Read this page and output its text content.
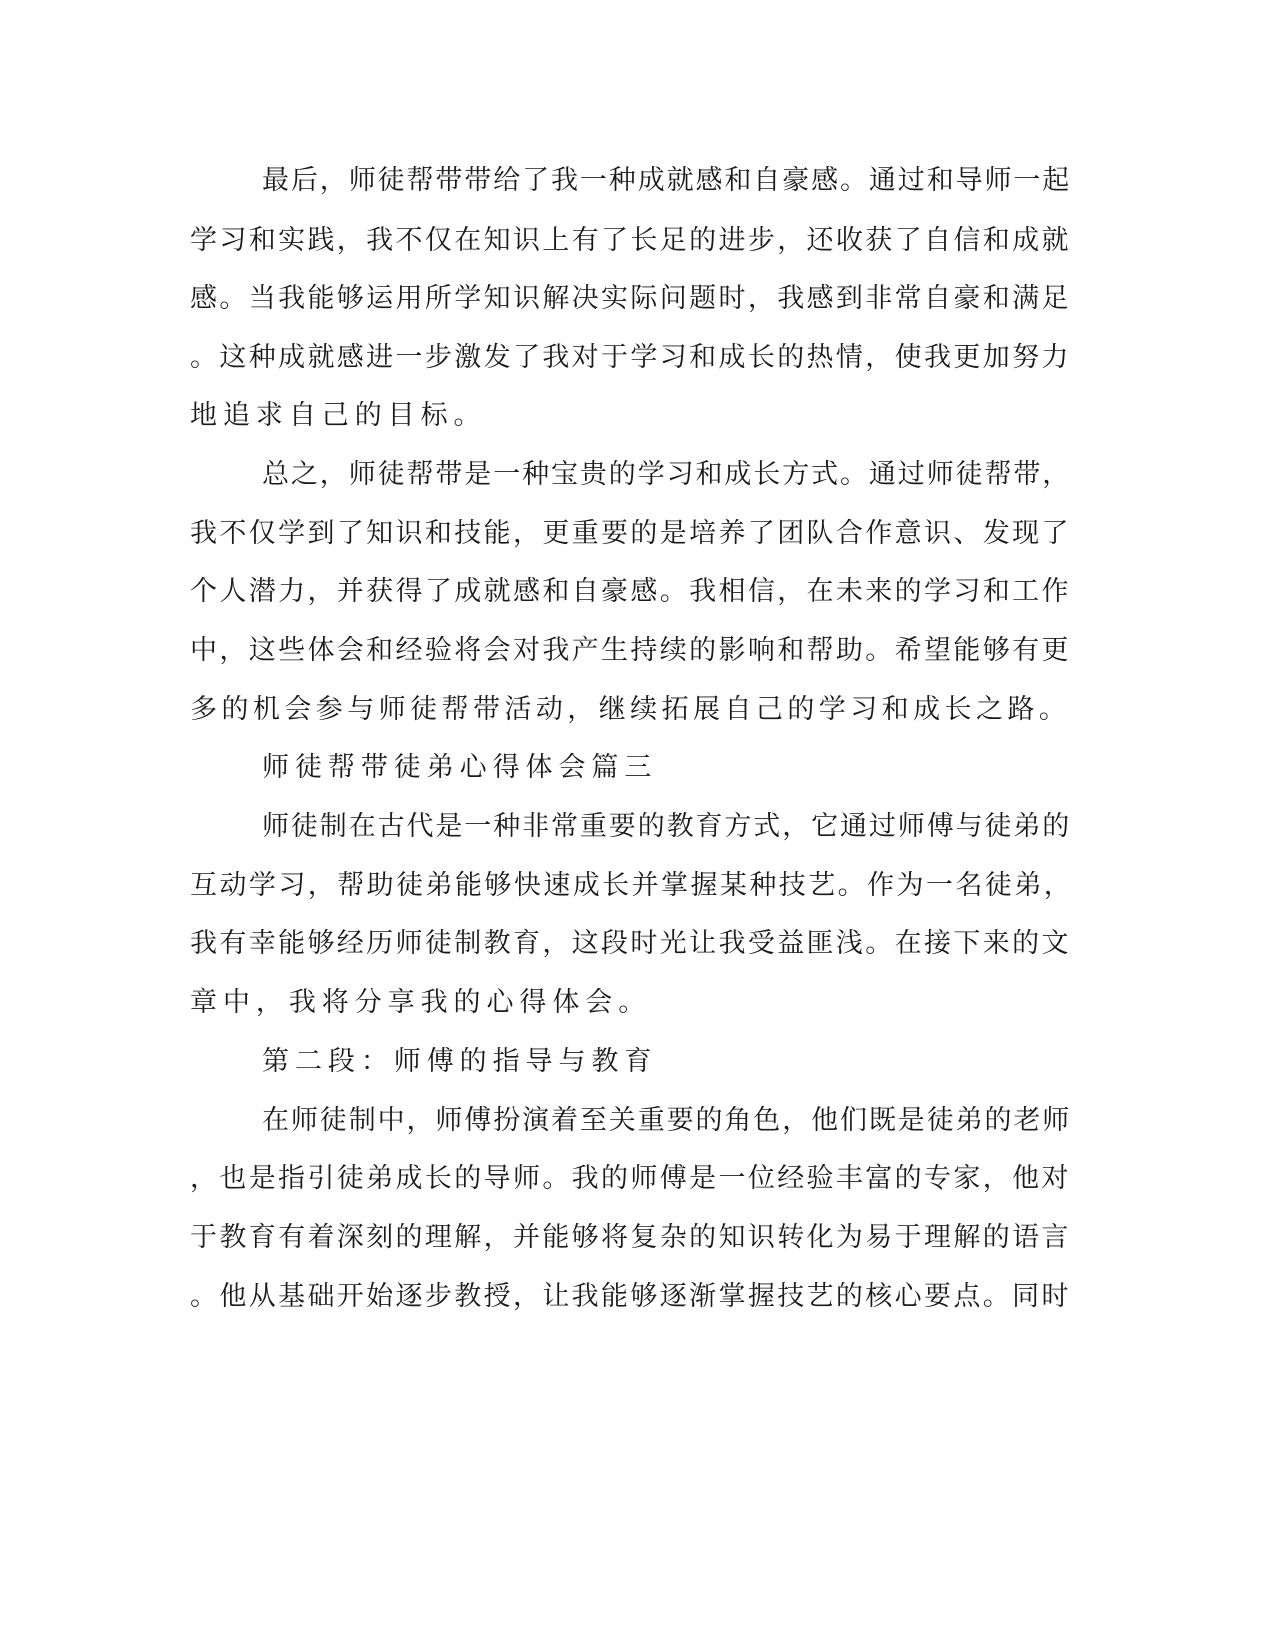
最后，师徒帮带带给了我一种成就感和自豪感。通过和导师一起
学习和实践，我不仅在知识上有了长足的进步，还收获了自信和成就
感。当我能够运用所学知识解决实际问题时，我感到非常自豪和满足
。这种成就感进一步激发了我对于学习和成长的热情，使我更加努力
地追求自己的目标。
总之，师徒帮带是一种宝贵的学习和成长方式。通过师徒帮带，
我不仅学到了知识和技能，更重要的是培养了团队合作意识、发现了
个人潜力，并获得了成就感和自豪感。我相信，在未来的学习和工作
中，这些体会和经验将会对我产生持续的影响和帮助。希望能够有更
多的机会参与师徒帮带活动，继续拓展自己的学习和成长之路。
师徒帮带徒弟心得体会篇三
师徒制在古代是一种非常重要的教育方式，它通过师傅与徒弟的
互动学习，帮助徒弟能够快速成长并掌握某种技艺。作为一名徒弟，
我有幸能够经历师徒制教育，这段时光让我受益匪浅。在接下来的文
章中，我将分享我的心得体会。
第二段：师傅的指导与教育
在师徒制中，师傅扮演着至关重要的角色，他们既是徒弟的老师
，也是指引徒弟成长的导师。我的师傅是一位经验丰富的专家，他对
于教育有着深刻的理解，并能够将复杂的知识转化为易于理解的语言
。他从基础开始逐步教授，让我能够逐渐掌握技艺的核心要点。同时
